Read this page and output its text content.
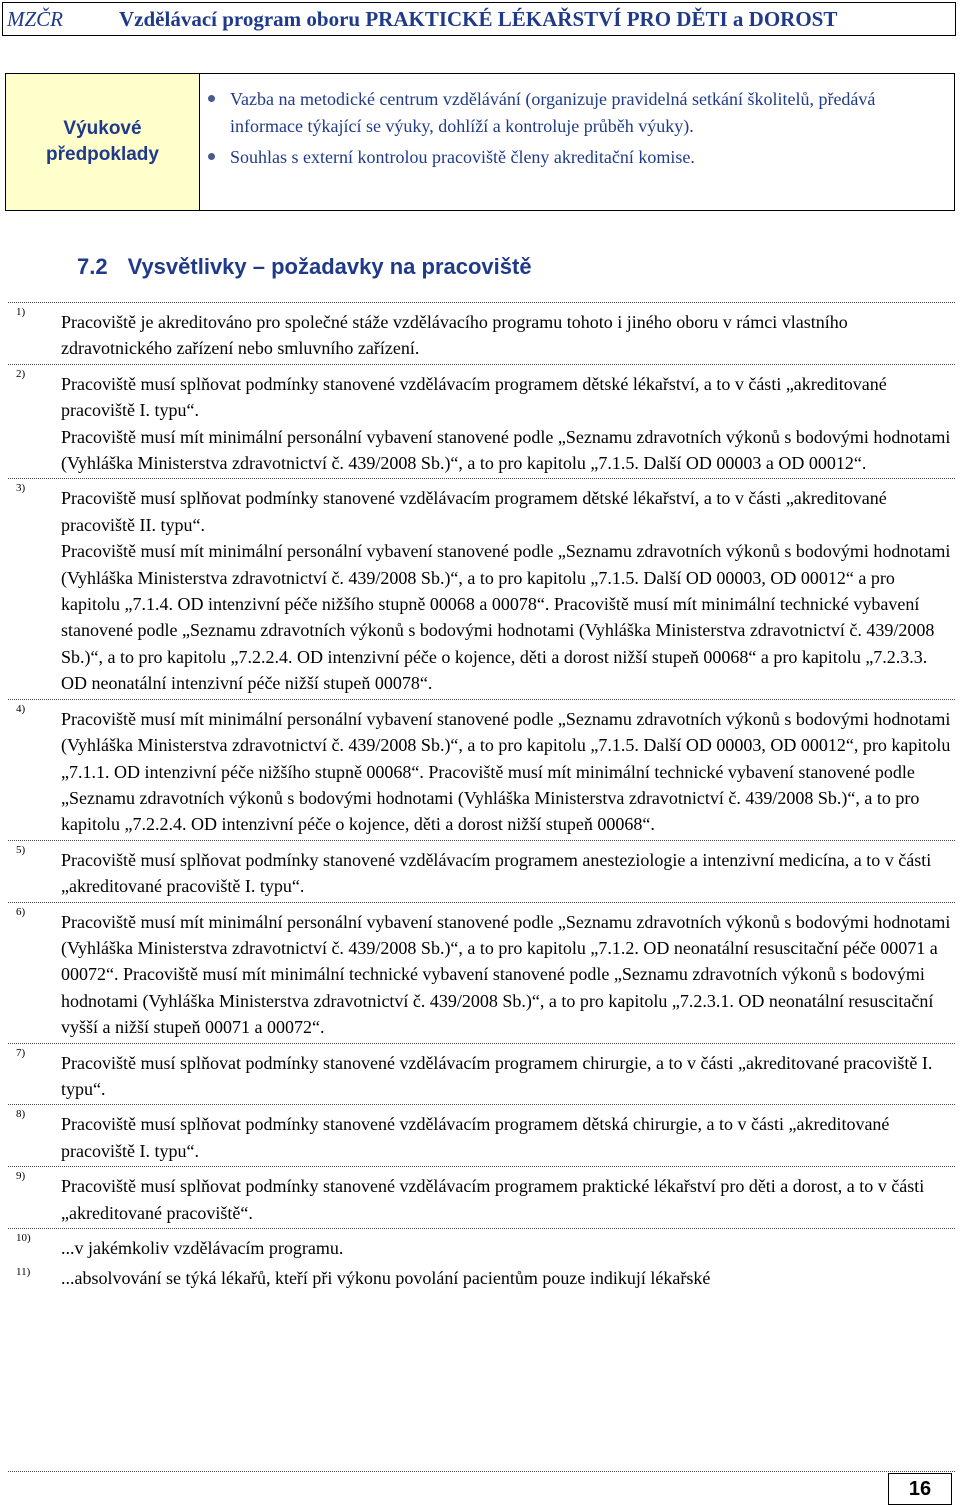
MZČR	Vzdělávací program oboru PRAKTICKÉ LÉKAŘSTVÍ PRO DĚTI a DOROST
Výukové
předpoklady
Vazba na metodické centrum vzdělávání (organizuje pravidelná setkání školitelů, předává informace týkající se výuky, dohlíží a kontroluje průběh výuky).
Souhlas s externí kontrolou pracoviště členy akreditační komise.
7.2 Vysvětlivky – požadavky na pracoviště
1) Pracoviště je akreditováno pro společné stáže vzdělávacího programu tohoto i jiného oboru v rámci vlastního zdravotnického zařízení nebo smluvního zařízení.

2) Pracoviště musí splňovat podmínky stanovené vzdělávacím programem dětské lékařství, a to v části „akreditované pracoviště I. typu“.

Pracoviště musí mít minimální personální vybavení stanovené podle „Seznamu zdravotních výkonů s bodovými hodnotami (Vyhláška Ministerstva zdravotnictví č. 439/2008 Sb.)“, a to pro kapitolu „7.1.5. Další OD 00003 a OD 00012“.

3) Pracoviště musí splňovat podmínky stanovené vzdělávacím programem dětské lékařství, a to v části „akreditované pracoviště II. typu“.

Pracoviště musí mít minimální personální vybavení stanovené podle „Seznamu zdravotních výkonů s bodovými hodnotami (Vyhláška Ministerstva zdravotnictví č. 439/2008 Sb.)“, a to pro kapitolu „7.1.5. Další OD 00003, OD 00012“ a pro kapitolu „7.1.4. OD intenzivní péče nižšího stupně 00068 a 00078“. Pracoviště musí mít minimální technické vybavení stanovené podle „Seznamu zdravotních výkonů s bodovými hodnotami (Vyhláška Ministerstva zdravotnictví č. 439/2008 Sb.)“, a to pro kapitolu „7.2.2.4. OD intenzivní péče o kojence, děti a dorost nižší stupeň 00068“ a pro kapitolu „7.2.3.3. OD neonatální intenzivní péče nižší stupeň 00078“.

4) Pracoviště musí mít minimální personální vybavení stanovené podle „Seznamu zdravotních výkonů s bodovými hodnotami (Vyhláška Ministerstva zdravotnictví č. 439/2008 Sb.)“, a to pro kapitolu „7.1.5. Další OD 00003, OD 00012“, pro kapitolu „7.1.1. OD intenzivní péče nižšího stupně 00068“. Pracoviště musí mít minimální technické vybavení stanovené podle „Seznamu zdravotních výkonů s bodovými hodnotami (Vyhláška Ministerstva zdravotnictví č. 439/2008 Sb.)“, a to pro kapitolu „7.2.2.4. OD intenzivní péče o kojence, děti a dorost nižší stupeň 00068“.

5) Pracoviště musí splňovat podmínky stanovené vzdělávacím programem anesteziologie a intenzivní medicína, a to v části „akreditované pracoviště I. typu“.

6) Pracoviště musí mít minimální personální vybavení stanovené podle „Seznamu zdravotních výkonů s bodovými hodnotami (Vyhláška Ministerstva zdravotnictví č. 439/2008 Sb.)“, a to pro kapitolu „7.1.2. OD neonatální resuscitační péče 00071 a 00072“. Pracoviště musí mít minimální technické vybavení stanovené podle „Seznamu zdravotních výkonů s bodovými hodnotami (Vyhláška Ministerstva zdravotnictví č. 439/2008 Sb.)“, a to pro kapitolu „7.2.3.1. OD neonatální resuscitační vyšší a nižší stupeň 00071 a 00072“.

7) Pracoviště musí splňovat podmínky stanovené vzdělávacím programem chirurgie, a to v části „akreditované pracoviště I. typu“.

8) Pracoviště musí splňovat podmínky stanovené vzdělávacím programem dětská chirurgie, a to v části „akreditované pracoviště I. typu“.

9) Pracoviště musí splňovat podmínky stanovené vzdělávacím programem praktické lékařství pro děti a dorost, a to v části „akreditované pracoviště“.

10) ...v jakémkoliv vzdělávacím programu.

11) ...absolvování se týká lékařů, kteří při výkonu povolání pacientům pouze indikují lékařské

16
